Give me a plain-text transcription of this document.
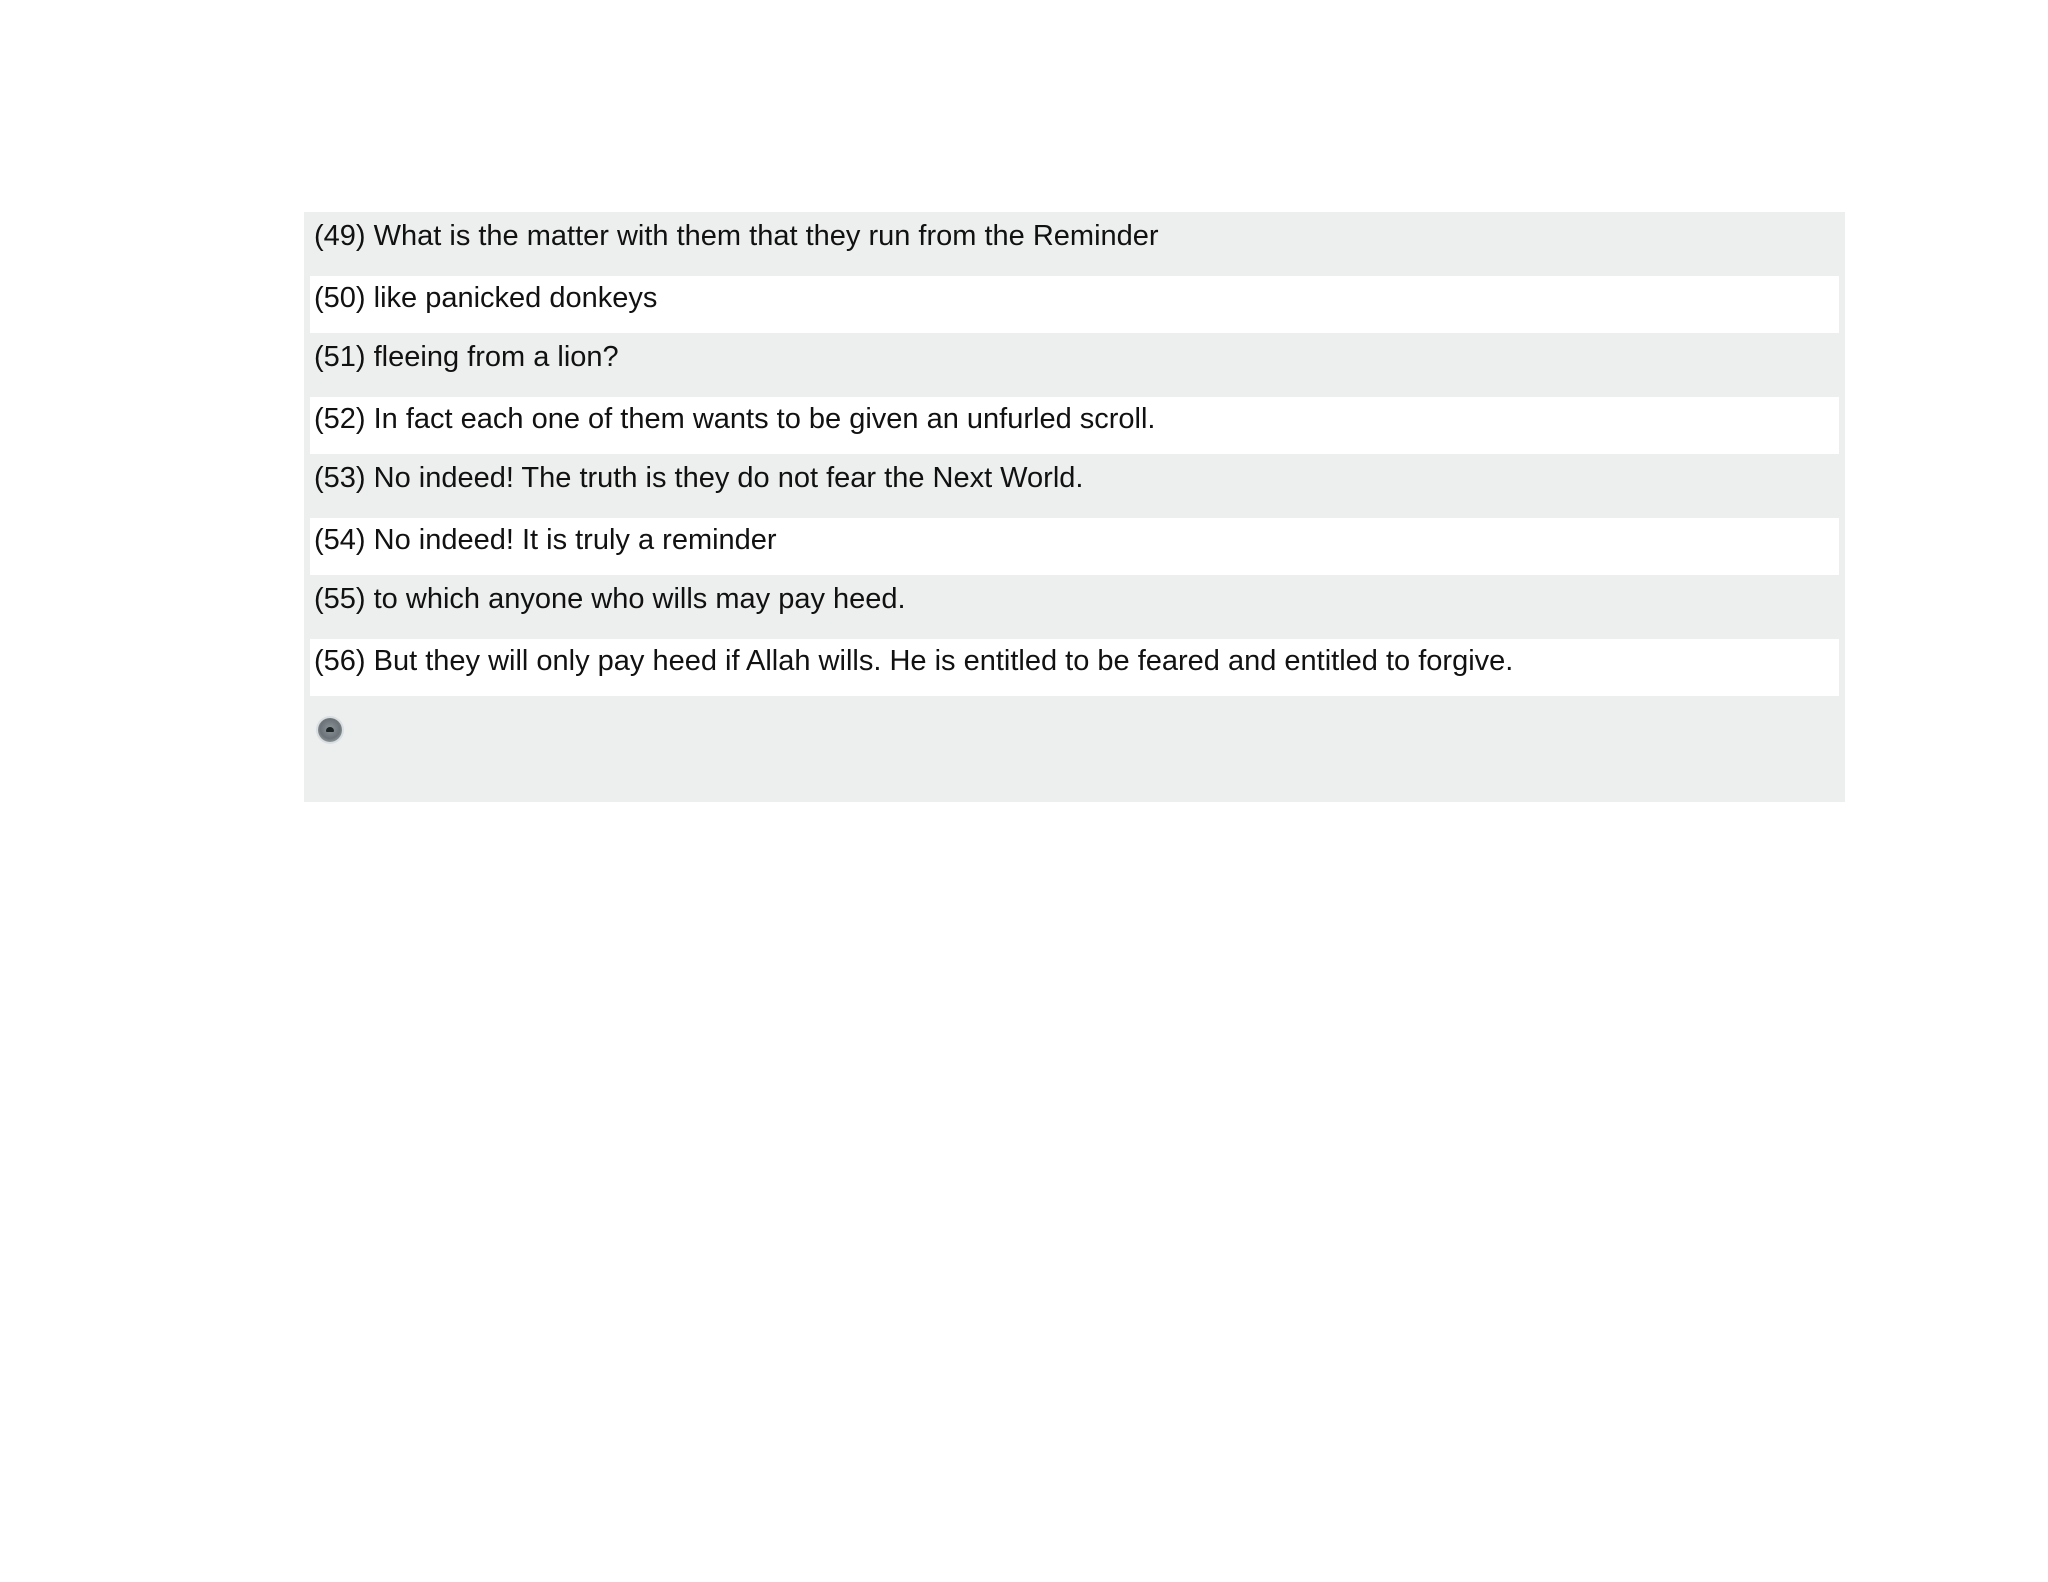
(49) What is the matter with them that they run from the Reminder
(50) like panicked donkeys
(51) fleeing from a lion?
(52) In fact each one of them wants to be given an unfurled scroll.
(53) No indeed! The truth is they do not fear the Next World.
(54) No indeed! It is truly a reminder
(55) to which anyone who wills may pay heed.
(56) But they will only pay heed if Allah wills. He is entitled to be feared and entitled to forgive.
